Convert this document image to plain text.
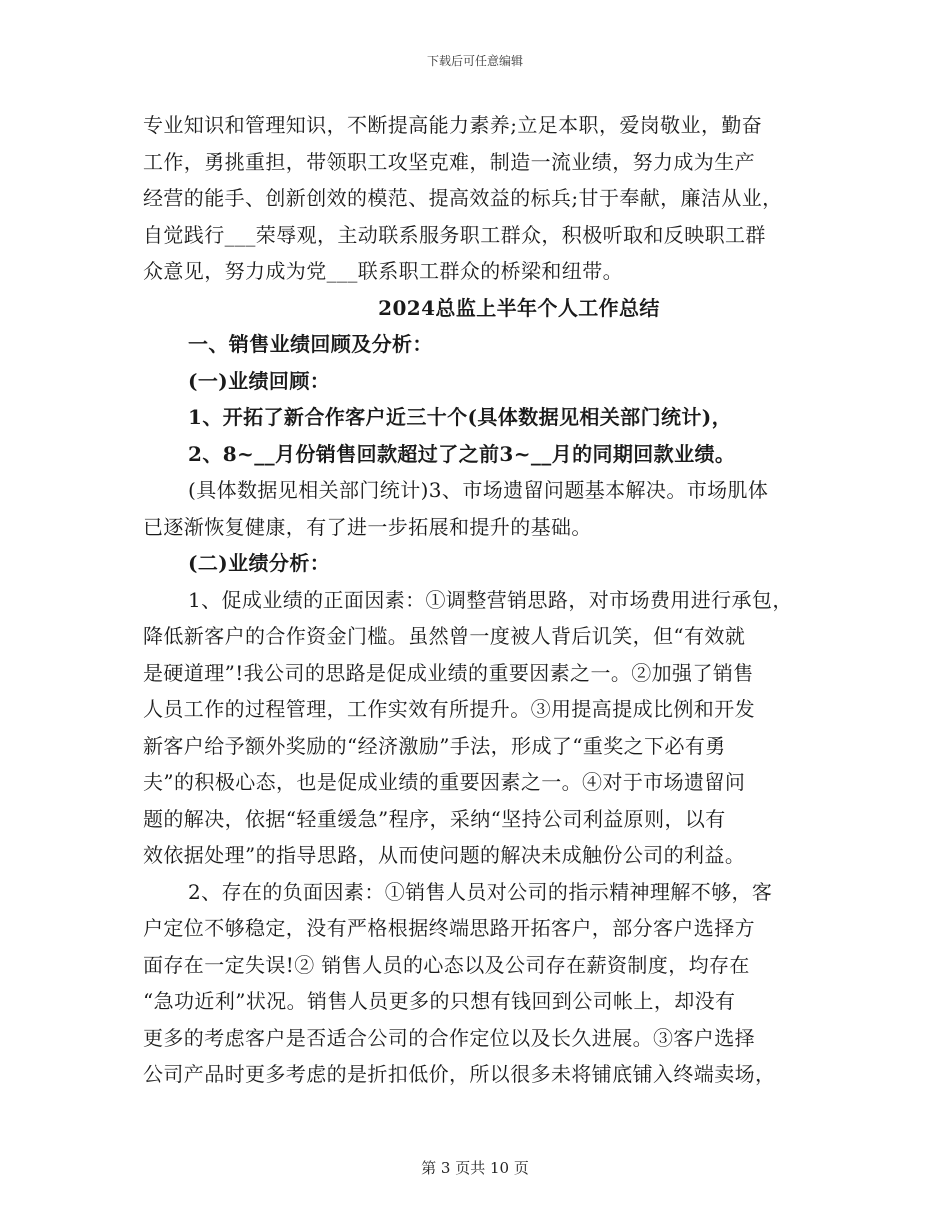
下载后可任意编辑
专业知识和管理知识，不断提高能力素养;立足本职，爱岗敬业，勤奋
工作，勇挑重担，带领职工攻坚克难，制造一流业绩，努力成为生产
经营的能手、创新创效的模范、提高效益的标兵;甘于奉献，廉洁从业，
自觉践行___荣辱观，主动联系服务职工群众，积极听取和反映职工群
众意见，努力成为党___联系职工群众的桥梁和纽带。
2024总监上半年个人工作总结
一、销售业绩回顾及分析：
(一)业绩回顾：
1、开拓了新合作客户近三十个(具体数据见相关部门统计)，
2、8~__月份销售回款超过了之前3~__月的同期回款业绩。
(具体数据见相关部门统计)3、市场遗留问题基本解决。市场肌体
已逐渐恢复健康，有了进一步拓展和提升的基础。
(二)业绩分析：
1、促成业绩的正面因素：①调整营销思路，对市场费用进行承包，
降低新客户的合作资金门槛。虽然曾一度被人背后讥笑，但“有效就
是硬道理”!我公司的思路是促成业绩的重要因素之一。②加强了销售
人员工作的过程管理，工作实效有所提升。③用提高提成比例和开发
新客户给予额外奖励的“经济激励”手法，形成了“重奖之下必有勇
夫”的积极心态，也是促成业绩的重要因素之一。④对于市场遗留问
题的解决，依据“轻重缓急”程序，采纳“坚持公司利益原则，以有
效依据处理”的指导思路，从而使问题的解决未成触份公司的利益。
2、存在的负面因素：①销售人员对公司的指示精神理解不够，客
户定位不够稳定，没有严格根据终端思路开拓客户，部分客户选择方
面存在一定失误!② 销售人员的心态以及公司存在薪资制度，均存在
“急功近利”状况。销售人员更多的只想有钱回到公司帐上，却没有
更多的考虑客户是否适合公司的合作定位以及长久进展。③客户选择
公司产品时更多考虑的是折扣低价，所以很多未将铺底铺入终端卖场，
第 3 页共 10 页
